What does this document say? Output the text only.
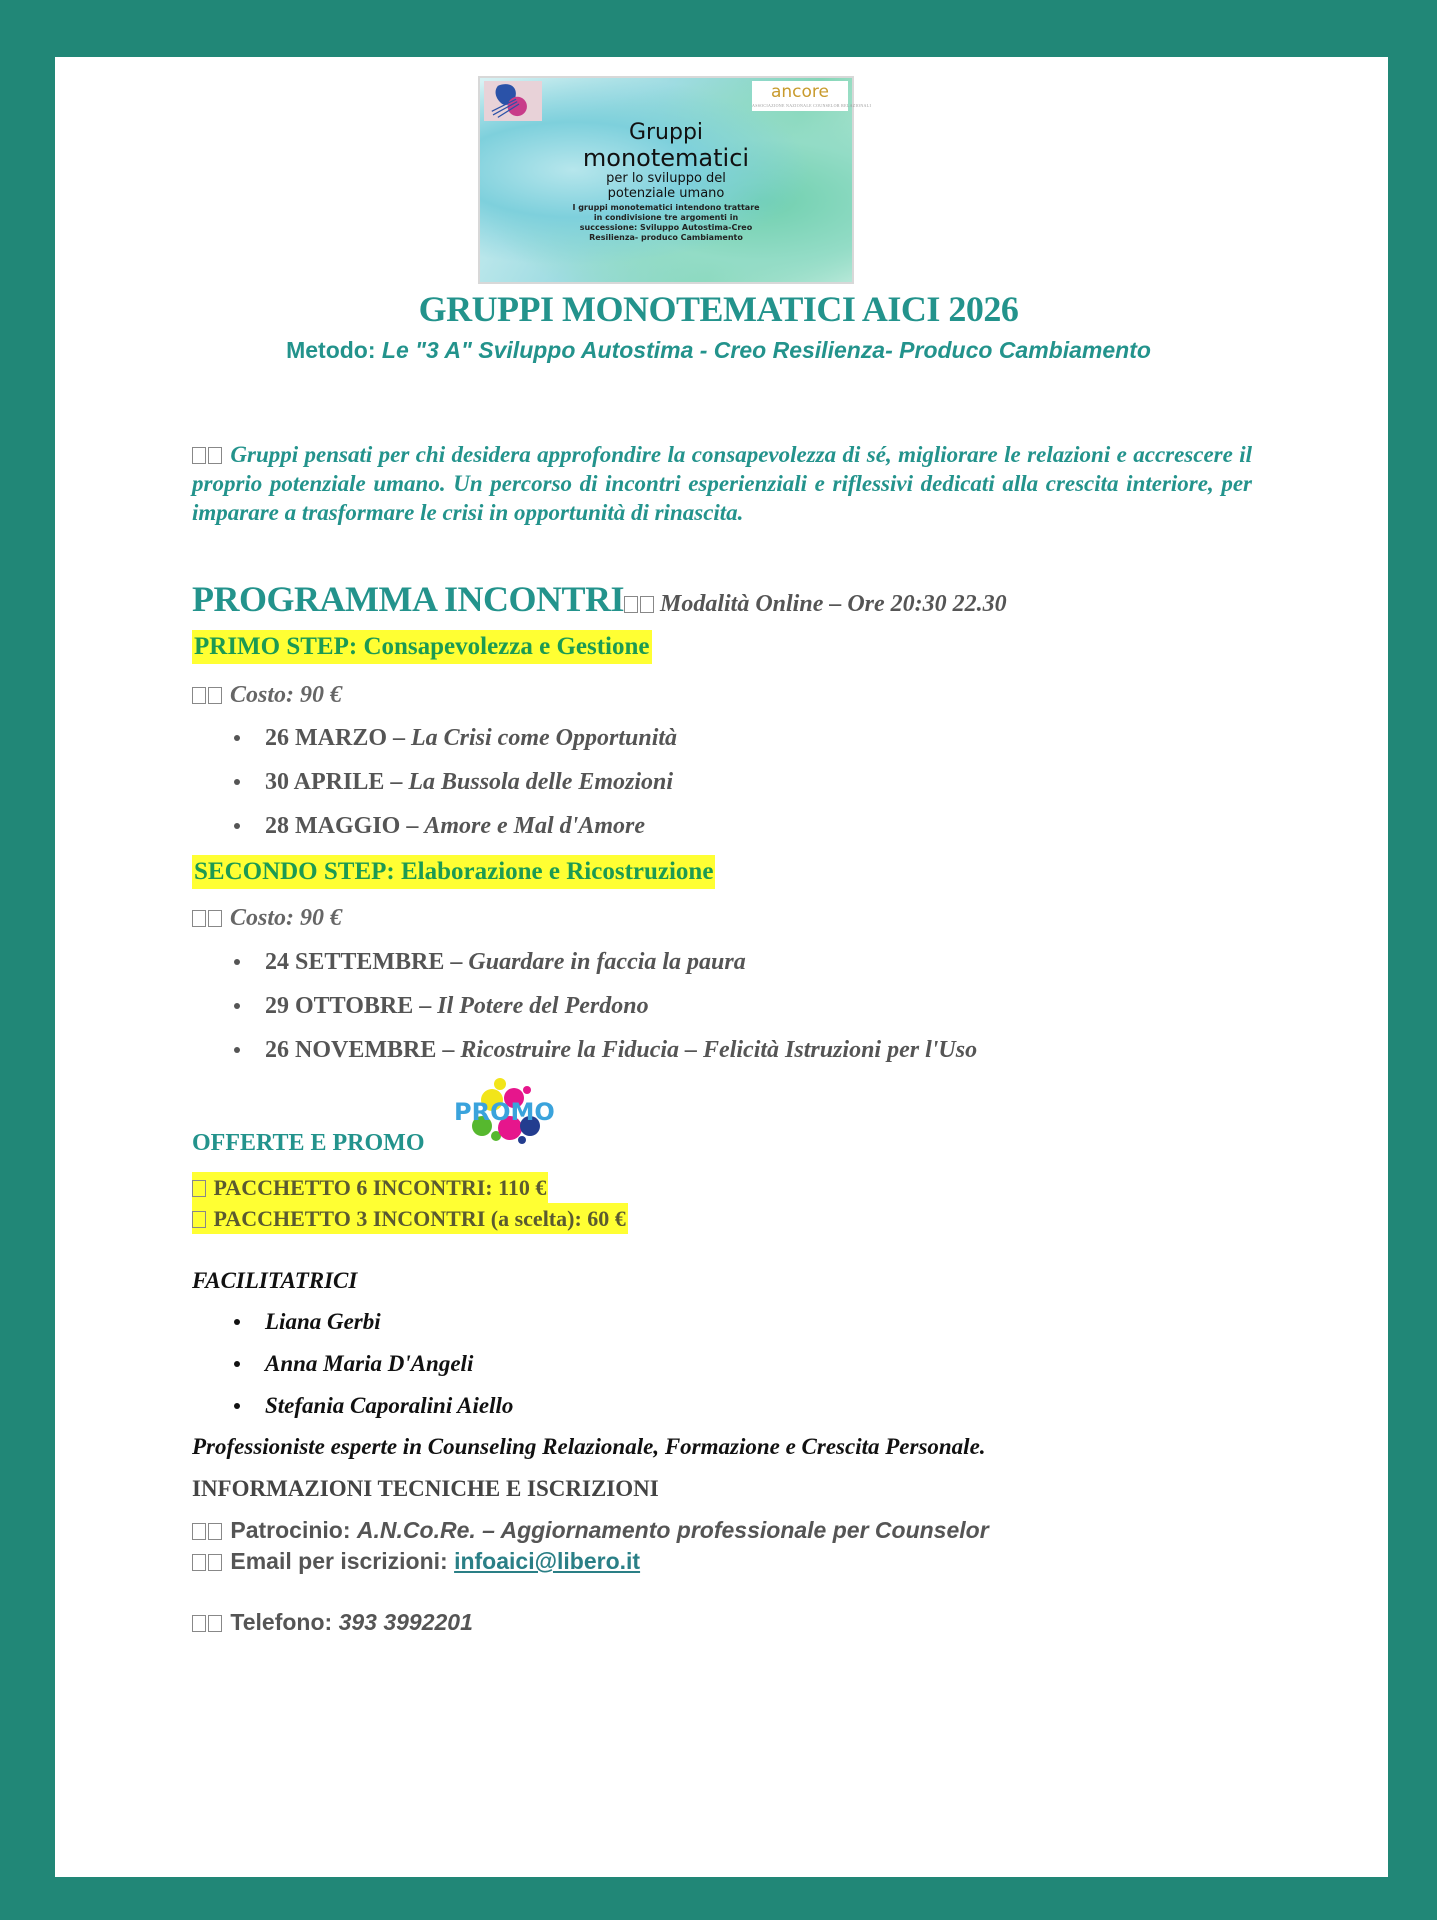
ancore
ASSOCIAZIONE NAZIONALE COUNSELOR RELAZIONALI
Gruppi
monotematici
per lo sviluppo del
potenziale umano
I gruppi monotematici intendono trattare
in condivisione tre argomenti in
successione: Sviluppo Autostima-Creo
Resilienza- produco Cambiamento
GRUPPI MONOTEMATICI AICI 2026
Metodo: Le "3 A" Sviluppo Autostima - Creo Resilienza- Produco Cambiamento

Gruppi pensati per chi desidera approfondire la consapevolezza di sé, migliorare le relazioni e accrescere il proprio potenziale umano. Un percorso di incontri esperienziali e riflessivi dedicati alla crescita interiore, per imparare a trasformare le crisi in opportunità di rinascita.

PROGRAMMA INCONTRI Modalità Online – Ore 20:30 22.30
PRIMO STEP: Consapevolezza e Gestione
Costo: 90 €
26 MARZO – La Crisi come Opportunità
30 APRILE – La Bussola delle Emozioni
28 MAGGIO – Amore e Mal d'Amore
SECONDO STEP: Elaborazione e Ricostruzione
Costo: 90 €
24 SETTEMBRE – Guardare in faccia la paura
29 OTTOBRE – Il Potere del Perdono
26 NOVEMBRE – Ricostruire la Fiducia – Felicità Istruzioni per l'Uso
OFFERTE E PROMO
PROMO
PACCHETTO 6 INCONTRI: 110 €
PACCHETTO 3 INCONTRI (a scelta): 60 €
FACILITATRICI
Liana Gerbi
Anna Maria D'Angeli
Stefania Caporalini Aiello
Professioniste esperte in Counseling Relazionale, Formazione e Crescita Personale.
INFORMAZIONI TECNICHE E ISCRIZIONI
Patrocinio: A.N.Co.Re. – Aggiornamento professionale per Counselor
Email per iscrizioni: infoaici@libero.it
Telefono: 393 3992201
